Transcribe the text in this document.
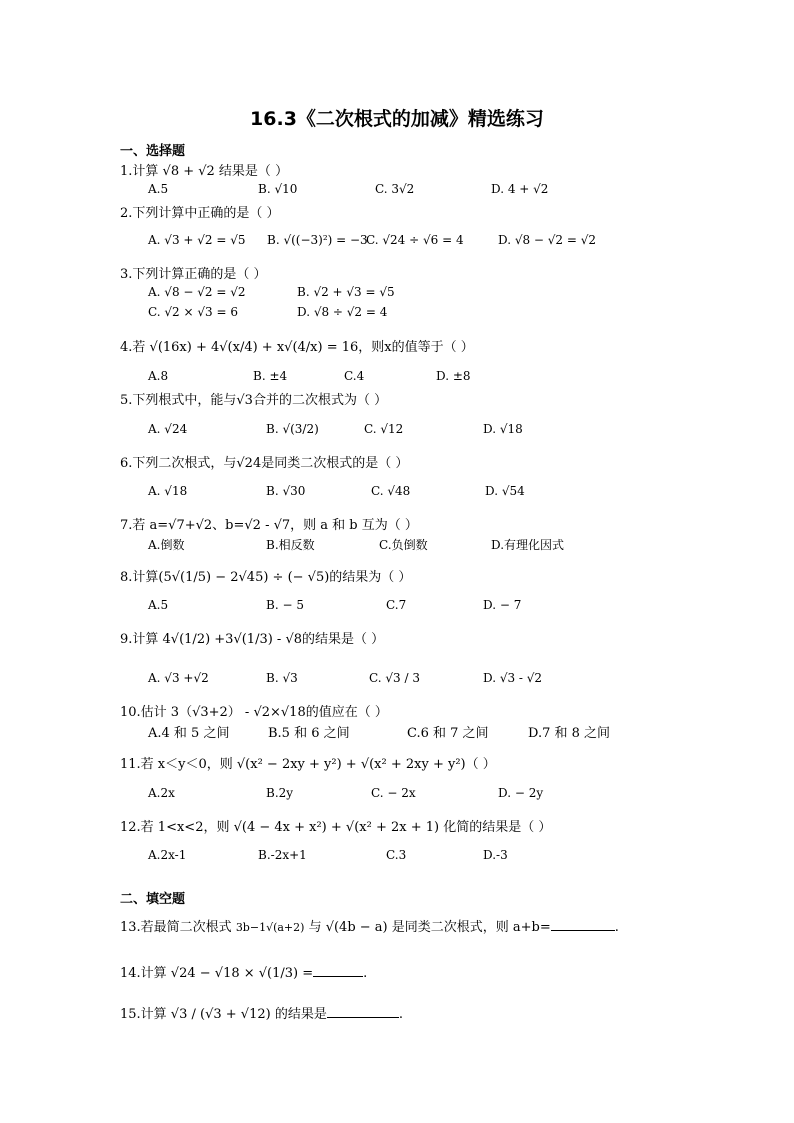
16.3《二次根式的加减》精选练习
一、选择题
1.计算 √8 + √2 结果是（ ）
A.5	B. √10	C. 3√2	D. 4 + √2
2.下列计算中正确的是（ ）
A. √3 + √2 = √5 B. √((−3)²) = −3
C. √24 ÷ √6 = 4	D. √8 − √2 = √2
3.下列计算正确的是（ ）
A. √8 − √2 = √2	B. √2 + √3 = √5
C. √2 × √3 = 6	D. √8 ÷ √2 = 4
4.若 √(16x) + 4√(x/4) + x√(4/x) = 16，则x的值等于（ ）
A.8	B. ±4	C.4	D. ±8
5.下列根式中，能与√3合并的二次根式为（ ）
A. √24	B. √(3/2)	C. √12	D. √18
6.下列二次根式，与√24是同类二次根式的是（ ）
A. √18	B. √30	C. √48	D. √54
7.若 a=√7+√2、b=√2 - √7，则 a 和 b 互为（ ）
A.倒数	B.相反数	C.负倒数	D.有理化因式
8.计算(5√(1/5) − 2√45) ÷ (− √5)的结果为（ ）
A.5	B. − 5	C.7	D. − 7
9.计算 4√(1/2) +3√(1/3) - √8的结果是（ ）
A. √3 +√2	B. √3	C. √3 / 3	D. √3 - √2
10.估计 3（√3+2） - √2×√18的值应在（ ）
A.4 和 5 之间	B.5 和 6 之间	C.6 和 7 之间	D.7 和 8 之间
11.若 x＜y＜0，则 √(x² − 2xy + y²) + √(x² + 2xy + y²)（ ）
A.2x	B.2y	C. − 2x	D. − 2y
12.若 1<x<2，则 √(4 − 4x + x²) + √(x² + 2x + 1) 化简的结果是（ ）
A.2x-1	B.-2x+1	C.3	D.-3
二、填空题
13.若最简二次根式 3b−1√(a+2) 与 √(4b − a) 是同类二次根式，则 a+b=	.
14.计算 √24 − √18 × √(1/3) =	.
15.计算 √3 / (√3 + √12) 的结果是	.
